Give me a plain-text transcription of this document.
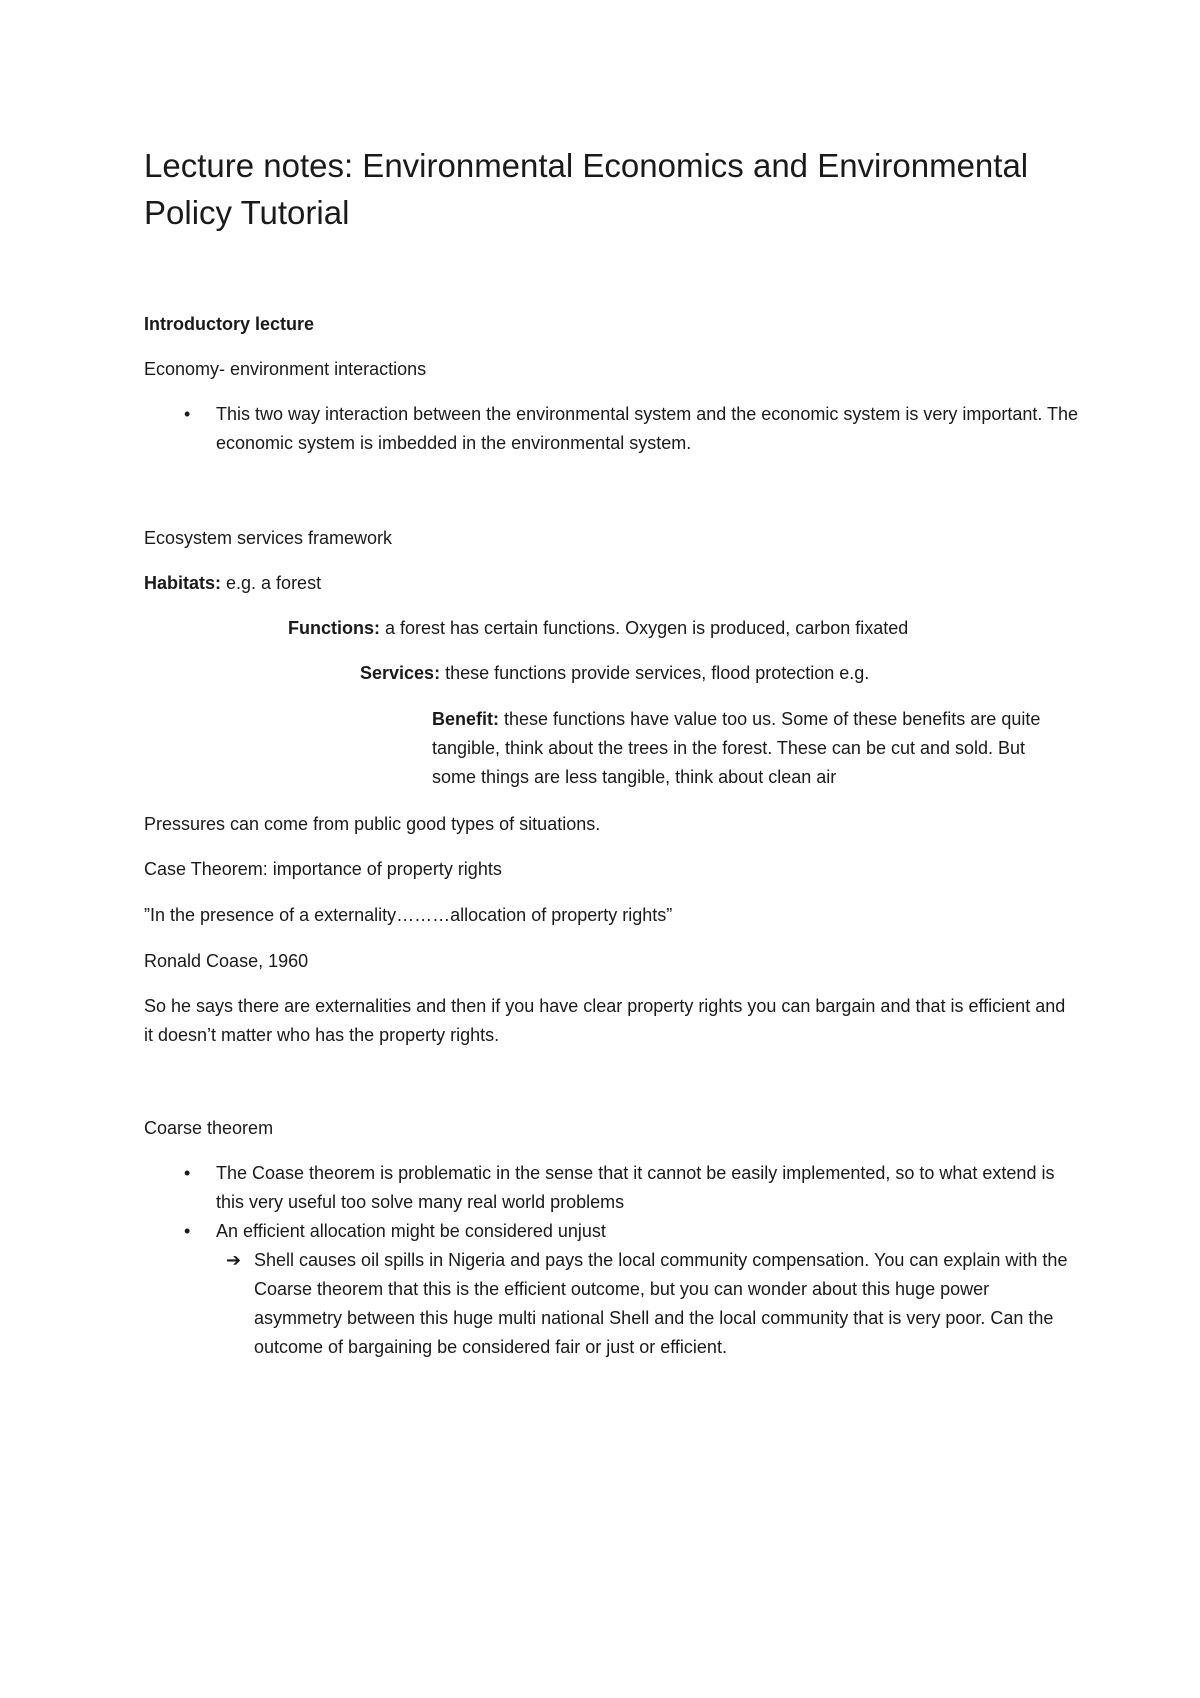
Lecture notes: Environmental Economics and Environmental Policy Tutorial

Introductory lecture

Economy- environment interactions

• This two way interaction between the environmental system and the economic system is very important. The economic system is imbedded in the environmental system.

Ecosystem services framework

Habitats: e.g. a forest

Functions: a forest has certain functions. Oxygen is produced, carbon fixated

Services: these functions provide services, flood protection e.g.

Benefit: these functions have value too us. Some of these benefits are quite tangible, think about the trees in the forest. These can be cut and sold. But some things are less tangible, think about clean air

Pressures can come from public good types of situations.

Case Theorem: importance of property rights

”In the presence of a externality………allocation of property rights”

Ronald Coase, 1960

So he says there are externalities and then if you have clear property rights you can bargain and that is efficient and it doesn’t matter who has the property rights.

Coarse theorem

• The Coase theorem is problematic in the sense that it cannot be easily implemented, so to what extend is this very useful too solve many real world problems

• An efficient allocation might be considered unjust

➔ Shell causes oil spills in Nigeria and pays the local community compensation. You can explain with the Coarse theorem that this is the efficient outcome, but you can wonder about this huge power asymmetry between this huge multi national Shell and the local community that is very poor. Can the outcome of bargaining be considered fair or just or efficient.
